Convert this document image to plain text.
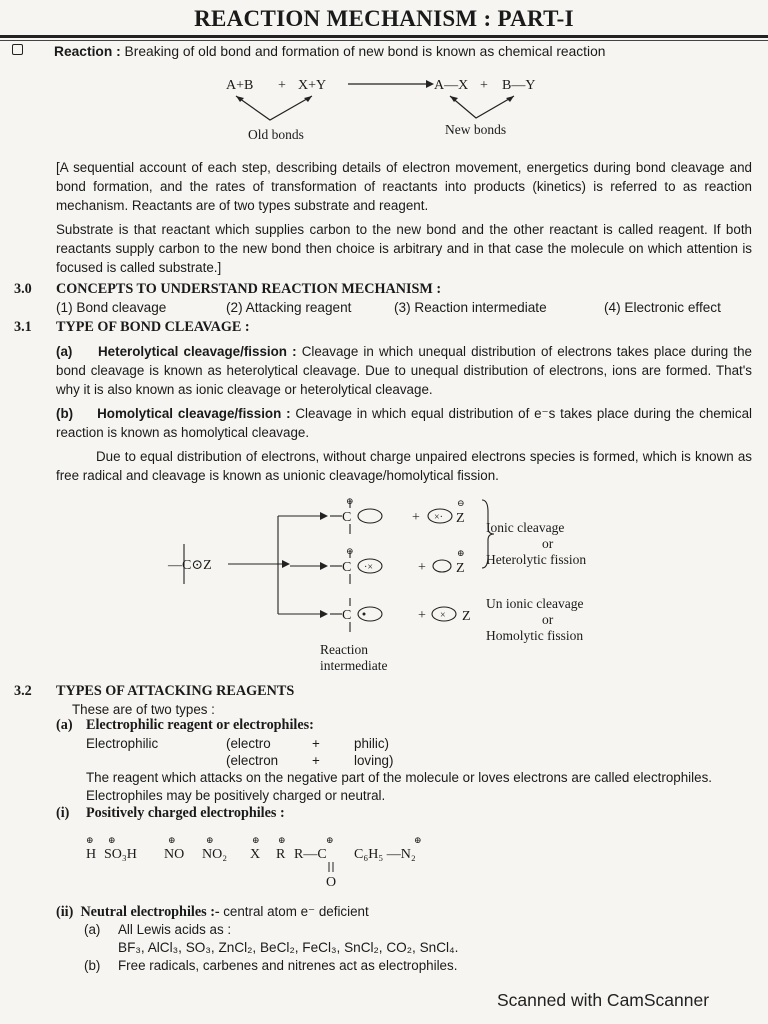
REACTION MECHANISM : PART-I
Reaction : Breaking of old bond and formation of new bond is known as chemical reaction
A+B + X+Y	A—X + B—Y
Old bonds	New bonds
[A sequential account of each step, describing details of electron movement, energetics during bond cleavage and bond formation, and the rates of transformation of reactants into products (kinetics) is referred to as reaction mechanism. Reactants are of two types substrate and reagent.
Substrate is that reactant which supplies carbon to the new bond and the other reactant is called reagent. If both reactants supply carbon to the new bond then choice is arbitrary and in that case the molecule on which attention is focused is called substrate.]
3.0 CONCEPTS TO UNDERSTAND REACTION MECHANISM :
(1) Bond cleavage	(2) Attacking reagent	(3) Reaction intermediate	(4) Electronic effect
3.1 TYPE OF BOND CLEAVAGE :
(a) Heterolytical cleavage/fission : Cleavage in which unequal distribution of electrons takes place during the bond cleavage is known as heterolytical cleavage. Due to unequal distribution of electrons, ions are formed. That's why it is also known as ionic cleavage or heterolytical cleavage.
(b) Homolytical cleavage/fission : Cleavage in which equal distribution of e⁻s takes place during the chemical reaction is known as homolytical cleavage.
Due to equal distribution of electrons, without charge unpaired electrons species is formed, which is known as free radical and cleavage is known as unionic cleavage/homolytical fission.
—C⊙Z
C
⊕
+ ×· Z
⊖
C
⊖
·×	+ Z
⊕
Ionic cleavage
or
Heterolytic fission
C	+ × Z
Un ionic cleavage
or
Homolytic fission
Reaction
intermediate
3.2 TYPES OF ATTACKING REAGENTS
These are of two types :
(a) Electrophilic reagent or electrophiles:
Electrophilic	(electro	+	philic)
(electron	+	loving)
The reagent which attacks on the negative part of the molecule or loves electrons are called electrophiles.
Electrophiles may be positively charged or neutral.
(i) Positively charged electrophiles :
⊕
H
⊕
SO₃H
⊕
NO
⊕
NO₂
⊕
X
⊕
R
⊕
R—C
O
C₆H₅ —N₂
⊕
(ii) Neutral electrophiles :- central atom e⁻ deficient
(a) All Lewis acids as :
BF₃, AlCl₃, SO₃, ZnCl₂, BeCl₂, FeCl₃, SnCl₂, CO₂, SnCl₄.
(b) Free radicals, carbenes and nitrenes act as electrophiles.
Scanned with CamScanner
